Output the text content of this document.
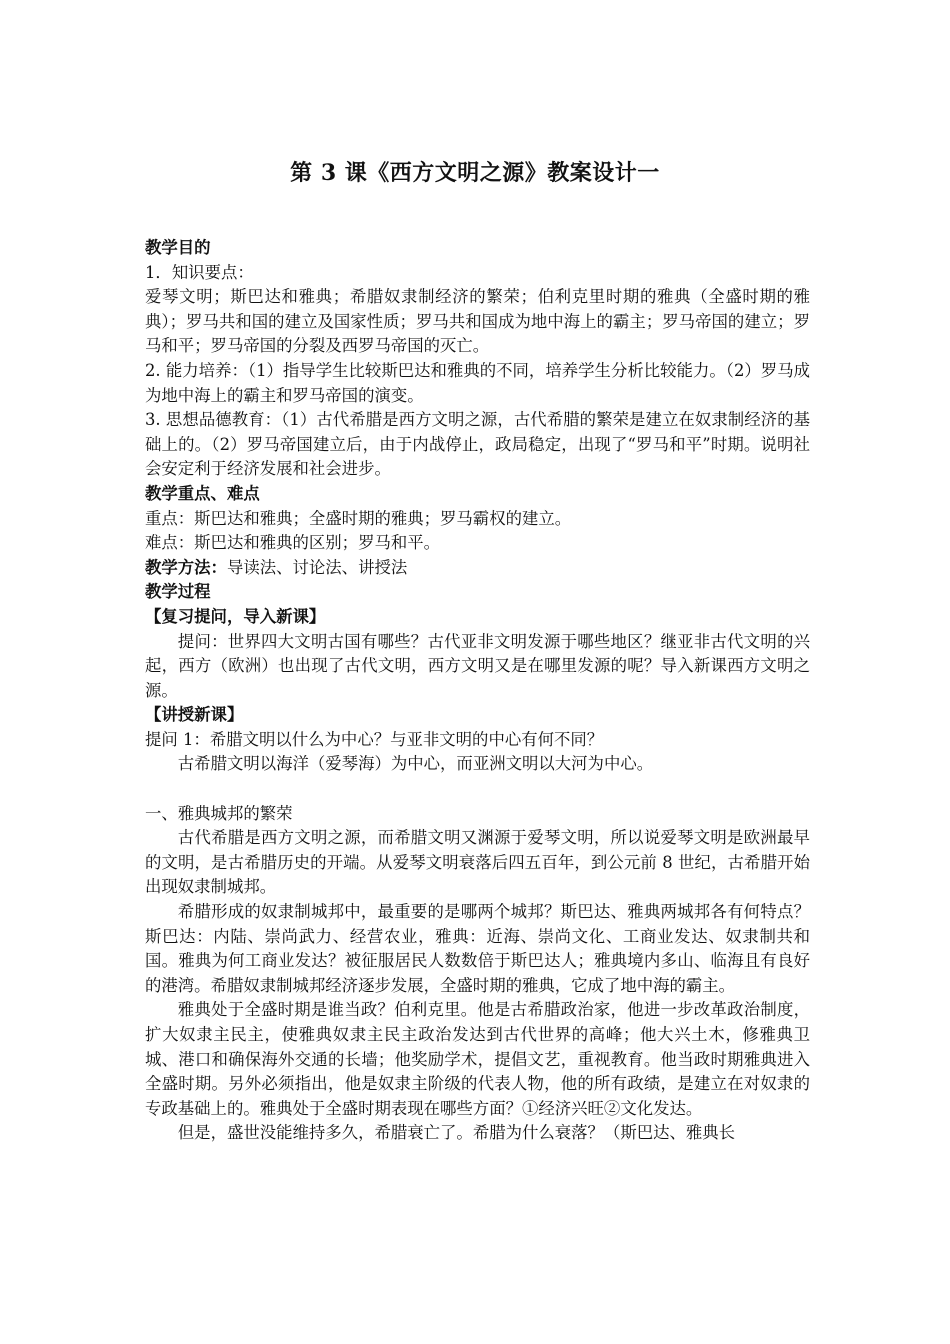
第 3 课《西方文明之源》教案设计一

教学目的

1．知识要点：

爱琴文明；斯巴达和雅典；希腊奴隶制经济的繁荣；伯利克里时期的雅典（全盛时期的雅典）；罗马共和国的建立及国家性质；罗马共和国成为地中海上的霸主；罗马帝国的建立；罗马和平；罗马帝国的分裂及西罗马帝国的灭亡。

2. 能力培养：（1）指导学生比较斯巴达和雅典的不同，培养学生分析比较能力。（2）罗马成为地中海上的霸主和罗马帝国的演变。

3. 思想品德教育：（1）古代希腊是西方文明之源，古代希腊的繁荣是建立在奴隶制经济的基础上的。（2）罗马帝国建立后，由于内战停止，政局稳定，出现了“罗马和平”时期。说明社会安定利于经济发展和社会进步。

教学重点、难点

重点：斯巴达和雅典；全盛时期的雅典；罗马霸权的建立。

难点：斯巴达和雅典的区别；罗马和平。

教学方法：导读法、讨论法、讲授法

教学过程

【复习提问，导入新课】

提问：世界四大文明古国有哪些？古代亚非文明发源于哪些地区？继亚非古代文明的兴起，西方（欧洲）也出现了古代文明，西方文明又是在哪里发源的呢？导入新课西方文明之源。

【讲授新课】

提问 1：希腊文明以什么为中心？与亚非文明的中心有何不同？

古希腊文明以海洋（爱琴海）为中心，而亚洲文明以大河为中心。

一、雅典城邦的繁荣

古代希腊是西方文明之源，而希腊文明又渊源于爱琴文明，所以说爱琴文明是欧洲最早的文明，是古希腊历史的开端。从爱琴文明衰落后四五百年，到公元前 8 世纪，古希腊开始出现奴隶制城邦。

希腊形成的奴隶制城邦中，最重要的是哪两个城邦？斯巴达、雅典两城邦各有何特点？斯巴达：内陆、崇尚武力、经营农业，雅典：近海、崇尚文化、工商业发达、奴隶制共和国。雅典为何工商业发达？被征服居民人数数倍于斯巴达人；雅典境内多山、临海且有良好的港湾。希腊奴隶制城邦经济逐步发展，全盛时期的雅典，它成了地中海的霸主。

雅典处于全盛时期是谁当政？伯利克里。他是古希腊政治家，他进一步改革政治制度，扩大奴隶主民主，使雅典奴隶主民主政治发达到古代世界的高峰；他大兴土木，修雅典卫城、港口和确保海外交通的长墙；他奖励学术，提倡文艺，重视教育。他当政时期雅典进入全盛时期。另外必须指出，他是奴隶主阶级的代表人物，他的所有政绩，是建立在对奴隶的专政基础上的。雅典处于全盛时期表现在哪些方面？①经济兴旺②文化发达。

但是，盛世没能维持多久，希腊衰亡了。希腊为什么衰落？（斯巴达、雅典长
